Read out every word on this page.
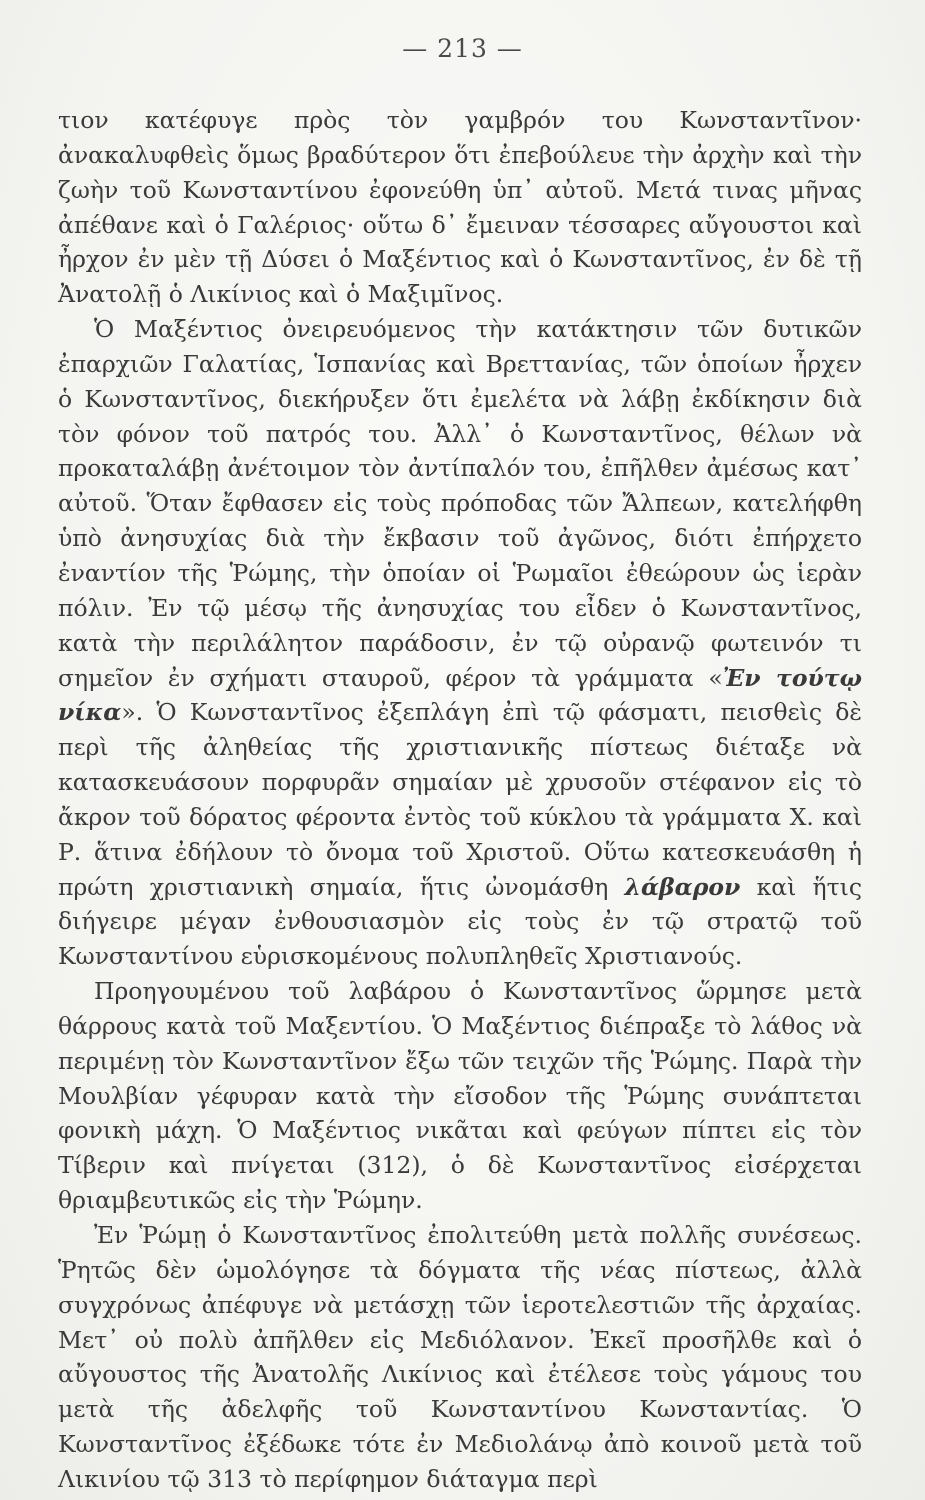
— 213 —

τιον κατέφυγε πρὸς τὸν γαμβρόν του Κωνσταντῖνον· ἀνακαλυφθεὶς ὅμως βραδύτερον ὅτι ἐπεβούλευε τὴν ἀρχὴν καὶ τὴν ζωὴν τοῦ Κωνσταντίνου ἐφονεύθη ὑπ᾽ αὐτοῦ. Μετά τινας μῆνας ἀπέθανε καὶ ὁ Γαλέριος· οὕτω δ᾽ ἔμειναν τέσσαρες αὔγουστοι καὶ ἦρχον ἐν μὲν τῇ Δύσει ὁ Μαξέντιος καὶ ὁ Κωνσταντῖνος, ἐν δὲ τῇ Ἀνατολῇ ὁ Λικίνιος καὶ ὁ Μαξιμῖνος.

Ὁ Μαξέντιος ὀνειρευόμενος τὴν κατάκτησιν τῶν δυτικῶν ἐπαρχιῶν Γαλατίας, Ἱσπανίας καὶ Βρεττανίας, τῶν ὁποίων ἦρχεν ὁ Κωνσταντῖνος, διεκήρυξεν ὅτι ἐμελέτα νὰ λάβῃ ἐκδίκησιν διὰ τὸν φόνον τοῦ πατρός του. Ἀλλ᾽ ὁ Κωνσταντῖνος, θέλων νὰ προκαταλάβῃ ἀνέτοιμον τὸν ἀντίπαλόν του, ἐπῆλθεν ἀμέσως κατ᾽ αὐτοῦ. Ὅταν ἔφθασεν εἰς τοὺς πρόποδας τῶν Ἄλπεων, κατελήφθη ὑπὸ ἀνησυχίας διὰ τὴν ἔκβασιν τοῦ ἀγῶνος, διότι ἐπήρχετο ἐναντίον τῆς Ῥώμης, τὴν ὁποίαν οἱ Ῥωμαῖοι ἐθεώρουν ὡς ἱερὰν πόλιν. Ἐν τῷ μέσῳ τῆς ἀνησυχίας του εἶδεν ὁ Κωνσταντῖνος, κατὰ τὴν περιλάλητον παράδοσιν, ἐν τῷ οὐρανῷ φωτεινόν τι σημεῖον ἐν σχήματι σταυροῦ, φέρον τὰ γράμματα «Ἐν τούτῳ νίκα». Ὁ Κωνσταντῖνος ἐξεπλάγη ἐπὶ τῷ φάσματι, πεισθεὶς δὲ περὶ τῆς ἀληθείας τῆς χριστιανικῆς πίστεως διέταξε νὰ κατασκευάσουν πορφυρᾶν σημαίαν μὲ χρυσοῦν στέφανον εἰς τὸ ἄκρον τοῦ δόρατος φέροντα ἐντὸς τοῦ κύκλου τὰ γράμματα Χ. καὶ Ρ. ἅτινα ἐδήλουν τὸ ὄνομα τοῦ Χριστοῦ. Οὕτω κατεσκευάσθη ἡ πρώτη χριστιανικὴ σημαία, ἥτις ὠνομάσθη λάβαρον καὶ ἥτις διήγειρε μέγαν ἐνθουσιασμὸν εἰς τοὺς ἐν τῷ στρατῷ τοῦ Κωνσταντίνου εὑρισκομένους πολυπληθεῖς Χριστιανούς.

Προηγουμένου τοῦ λαβάρου ὁ Κωνσταντῖνος ὥρμησε μετὰ θάρρους κατὰ τοῦ Μαξεντίου. Ὁ Μαξέντιος διέπραξε τὸ λάθος νὰ περιμένῃ τὸν Κωνσταντῖνον ἔξω τῶν τειχῶν τῆς Ῥώμης. Παρὰ τὴν Μουλβίαν γέφυραν κατὰ τὴν εἴσοδον τῆς Ῥώμης συνάπτεται φονικὴ μάχη. Ὁ Μαξέντιος νικᾶται καὶ φεύγων πίπτει εἰς τὸν Τίβεριν καὶ πνίγεται (312), ὁ δὲ Κωνσταντῖνος εἰσέρχεται θριαμβευτικῶς εἰς τὴν Ῥώμην.

Ἐν Ῥώμῃ ὁ Κωνσταντῖνος ἐπολιτεύθη μετὰ πολλῆς συνέσεως. Ῥητῶς δὲν ὡμολόγησε τὰ δόγματα τῆς νέας πίστεως, ἀλλὰ συγχρόνως ἀπέφυγε νὰ μετάσχῃ τῶν ἱεροτελεστιῶν τῆς ἀρχαίας. Μετ᾽ οὐ πολὺ ἀπῆλθεν εἰς Μεδιόλανον. Ἐκεῖ προσῆλθε καὶ ὁ αὔγουστος τῆς Ἀνατολῆς Λικίνιος καὶ ἐτέλεσε τοὺς γάμους του μετὰ τῆς ἀδελφῆς τοῦ Κωνσταντίνου Κωνσταντίας. Ὁ Κωνσταντῖνος ἐξέδωκε τότε ἐν Μεδιολάνῳ ἀπὸ κοινοῦ μετὰ τοῦ Λικινίου τῷ 313 τὸ περίφημον διάταγμα περὶ
